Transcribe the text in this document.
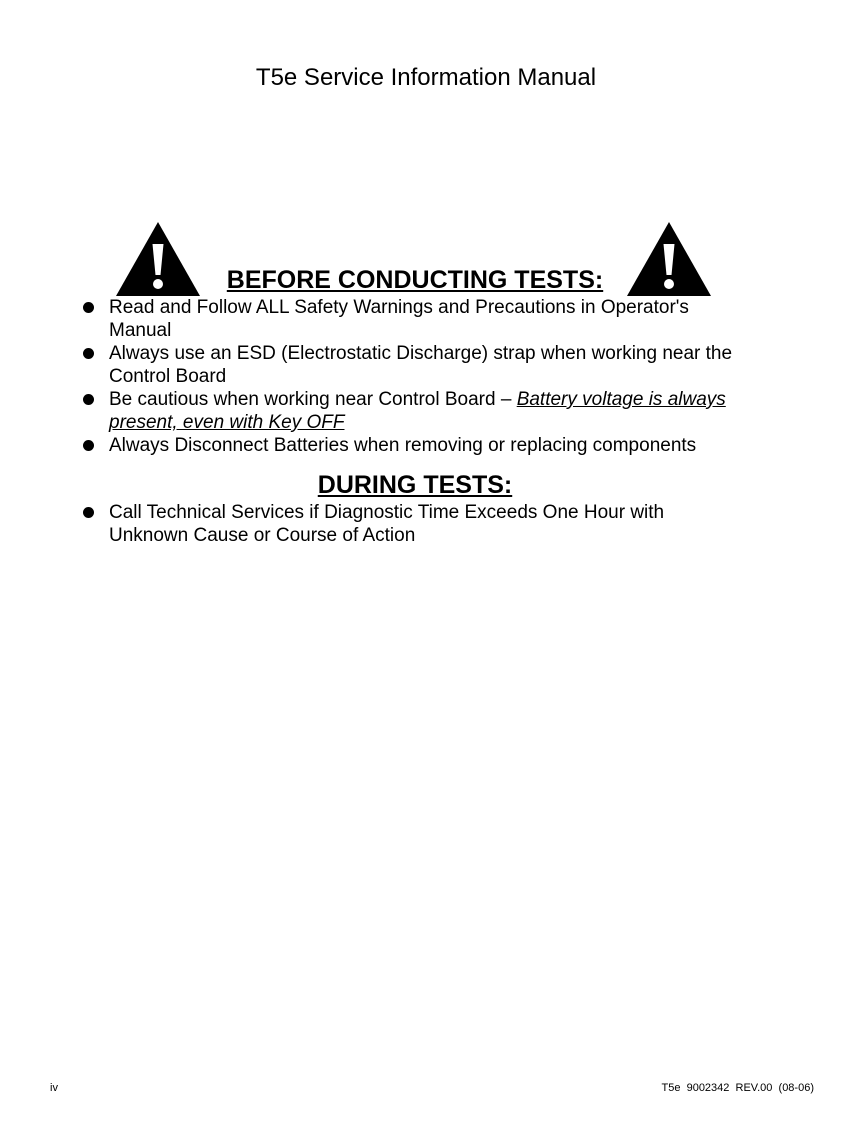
T5e Service Information Manual
BEFORE CONDUCTING TESTS:
Read and Follow ALL Safety Warnings and Precautions in Operator's Manual
Always use an ESD (Electrostatic Discharge) strap when working near the Control Board
Be cautious when working near Control Board – Battery voltage is always present, even with Key OFF
Always Disconnect Batteries when removing or replacing components
DURING TESTS:
Call Technical Services if Diagnostic Time Exceeds One Hour with Unknown Cause or Course of Action
iv	T5e  9002342  REV.00  (08-06)
